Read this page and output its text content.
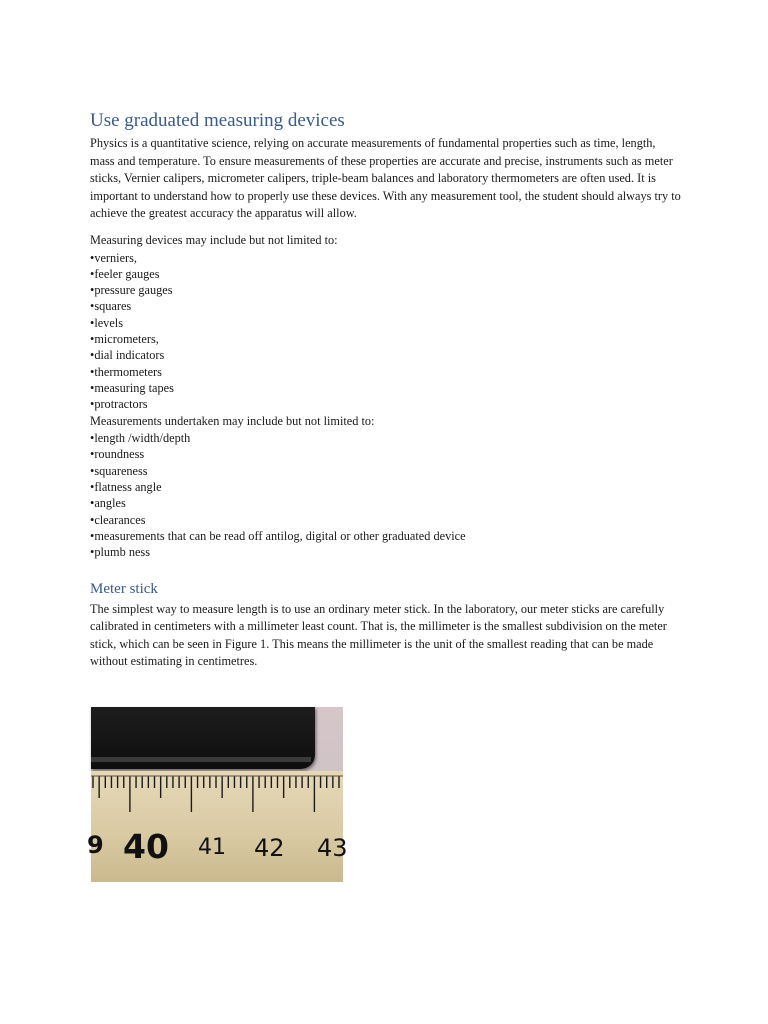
Use graduated measuring devices

Physics is a quantitative science, relying on accurate measurements of fundamental properties such as time, length, mass and temperature. To ensure measurements of these properties are accurate and precise, instruments such as meter sticks, Vernier calipers, micrometer calipers, triple-beam balances and laboratory thermometers are often used. It is important to understand how to properly use these devices. With any measurement tool, the student should always try to achieve the greatest accuracy the apparatus will allow.

Measuring devices may include but not limited to:

• verniers,
• feeler gauges
• pressure gauges
• squares
• levels
• micrometers,
• dial indicators
• thermometers
• measuring tapes
• protractors

Measurements undertaken may include but not limited to:

• length /width/depth
• roundness
• squareness
• flatness angle
• angles
• clearances
• measurements that can be read off antilog, digital or other graduated device
• plumb ness
Meter stick

The simplest way to measure length is to use an ordinary meter stick. In the laboratory, our meter sticks are carefully calibrated in centimeters with a millimeter least count. That is, the millimeter is the smallest subdivision on the meter stick, which can be seen in Figure 1. This means the millimeter is the unit of the smallest reading that can be made without estimating in centimetres.

9 40 41 42 43
